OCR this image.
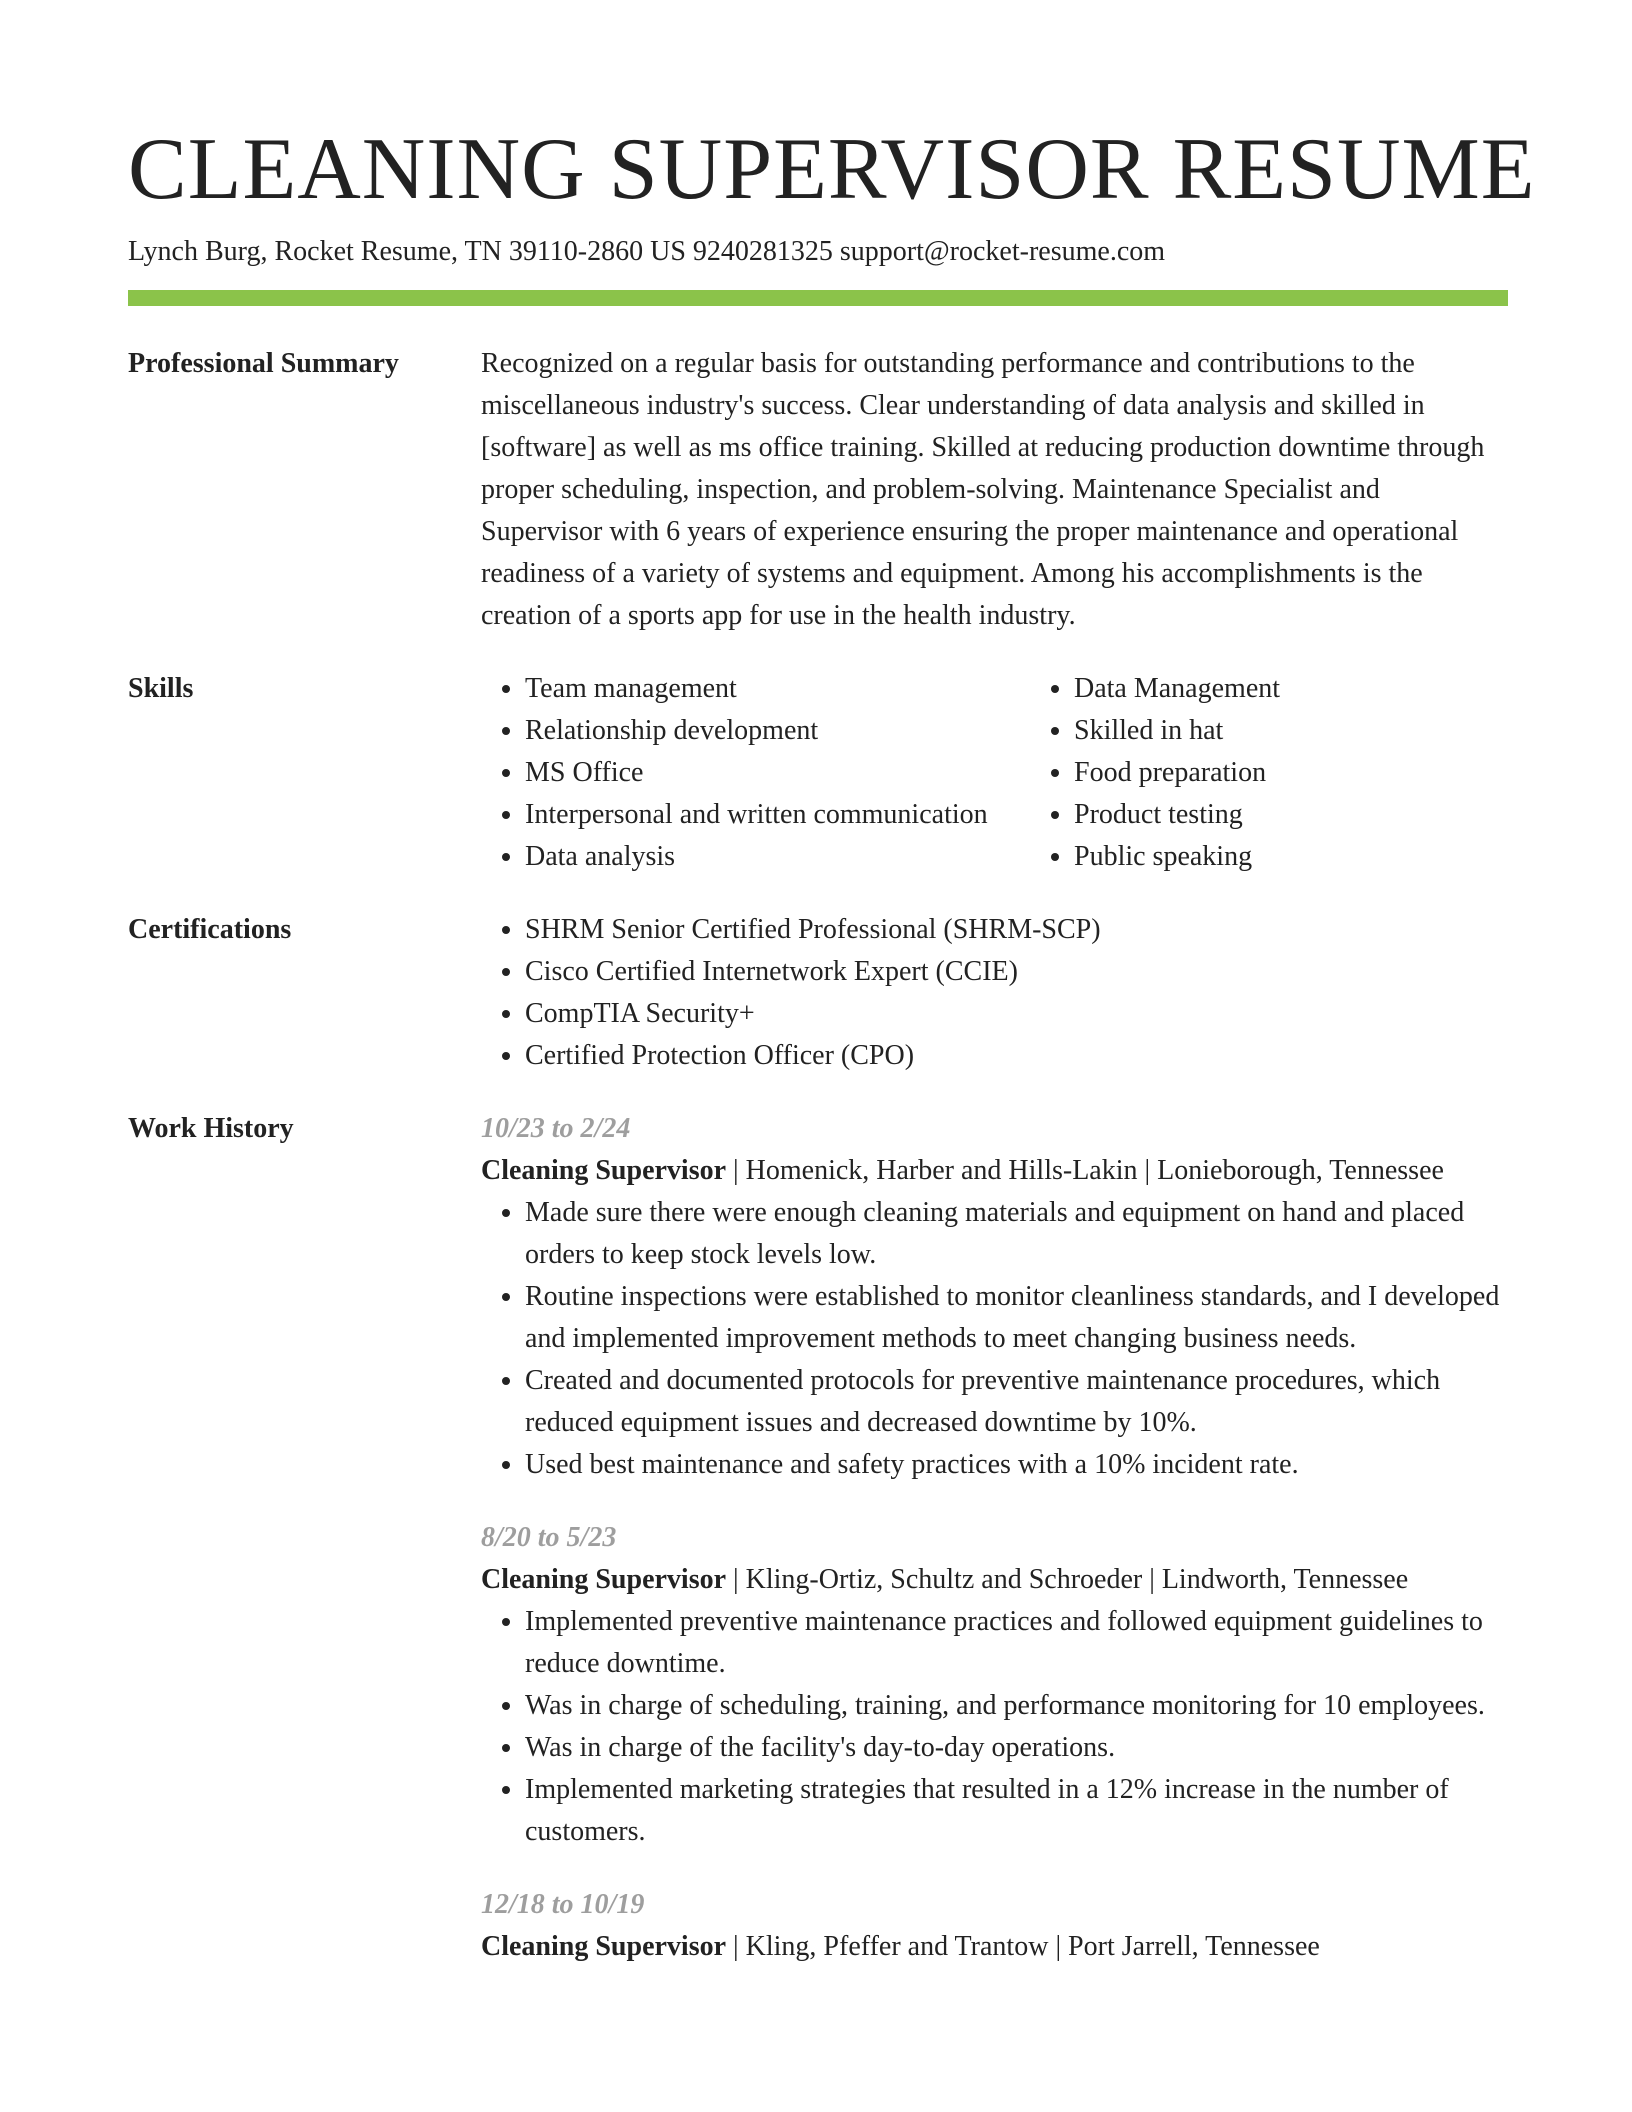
CLEANING SUPERVISOR RESUME
Lynch Burg, Rocket Resume, TN 39110-2860 US 9240281325 support@rocket-resume.com
Professional Summary	Recognized on a regular basis for outstanding performance and contributions to the miscellaneous industry's success. Clear understanding of data analysis and skilled in [software] as well as ms office training. Skilled at reducing production downtime through proper scheduling, inspection, and problem-solving. Maintenance Specialist and Supervisor with 6 years of experience ensuring the proper maintenance and operational readiness of a variety of systems and equipment. Among his accomplishments is the creation of a sports app for use in the health industry.

Skills	• Team management
• Relationship development
• MS Office
• Interpersonal and written communication
• Data analysis
• Data Management
• Skilled in hat
• Food preparation
• Product testing
• Public speaking
Certifications	• SHRM Senior Certified Professional (SHRM-SCP)
• Cisco Certified Internetwork Expert (CCIE)
• CompTIA Security+
• Certified Protection Officer (CPO)
Work History	10/23 to 2/24
Cleaning Supervisor | Homenick, Harber and Hills-Lakin | Lonieborough, Tennessee
• Made sure there were enough cleaning materials and equipment on hand and placed orders to keep stock levels low.
• Routine inspections were established to monitor cleanliness standards, and I developed and implemented improvement methods to meet changing business needs.
• Created and documented protocols for preventive maintenance procedures, which reduced equipment issues and decreased downtime by 10%.
• Used best maintenance and safety practices with a 10% incident rate.
8/20 to 5/23
Cleaning Supervisor | Kling-Ortiz, Schultz and Schroeder | Lindworth, Tennessee
• Implemented preventive maintenance practices and followed equipment guidelines to reduce downtime.
• Was in charge of scheduling, training, and performance monitoring for 10 employees.
• Was in charge of the facility's day-to-day operations.
• Implemented marketing strategies that resulted in a 12% increase in the number of customers.
12/18 to 10/19
Cleaning Supervisor | Kling, Pfeffer and Trantow | Port Jarrell, Tennessee
